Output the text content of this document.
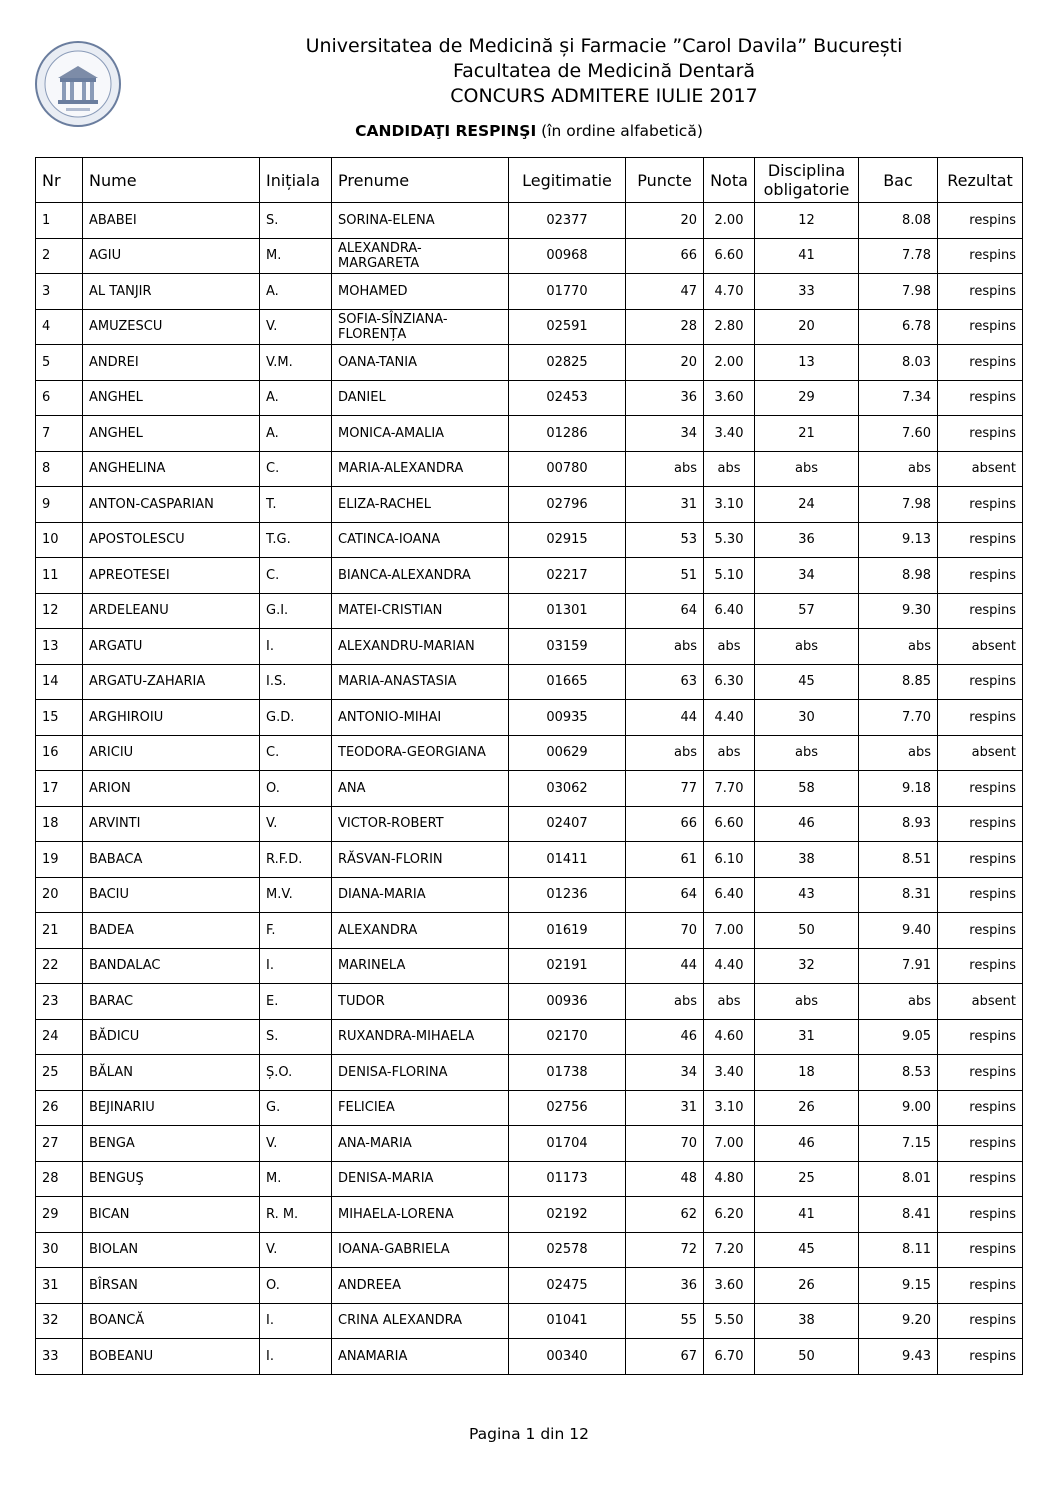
Universitatea de Medicină și Farmacie ”Carol Davila” București
Facultatea de Medicină Dentară
CONCURS ADMITERE IULIE 2017
CANDIDAŢI RESPINŞI (în ordine alfabetică)
Nr	Nume	Inițiala	Prenume	Legitimatie	Puncte	Nota	Disciplina obligatorie	Bac	Rezultat
1	ABABEI	S.	SORINA-ELENA	02377	20	2.00	12	8.08	respins
2	AGIU	M.	ALEXANDRA-MARGARETA	00968	66	6.60	41	7.78	respins
3	AL TANJIR	A.	MOHAMED	01770	47	4.70	33	7.98	respins
4	AMUZESCU	V.	SOFIA-SÎNZIANA-FLORENȚA	02591	28	2.80	20	6.78	respins
5	ANDREI	V.M.	OANA-TANIA	02825	20	2.00	13	8.03	respins
6	ANGHEL	A.	DANIEL	02453	36	3.60	29	7.34	respins
7	ANGHEL	A.	MONICA-AMALIA	01286	34	3.40	21	7.60	respins
8	ANGHELINA	C.	MARIA-ALEXANDRA	00780	abs	abs	abs	abs	absent
9	ANTON-CASPARIAN	T.	ELIZA-RACHEL	02796	31	3.10	24	7.98	respins
10	APOSTOLESCU	T.G.	CATINCA-IOANA	02915	53	5.30	36	9.13	respins
11	APREOTESEI	C.	BIANCA-ALEXANDRA	02217	51	5.10	34	8.98	respins
12	ARDELEANU	G.I.	MATEI-CRISTIAN	01301	64	6.40	57	9.30	respins
13	ARGATU	I.	ALEXANDRU-MARIAN	03159	abs	abs	abs	abs	absent
14	ARGATU-ZAHARIA	I.S.	MARIA-ANASTASIA	01665	63	6.30	45	8.85	respins
15	ARGHIROIU	G.D.	ANTONIO-MIHAI	00935	44	4.40	30	7.70	respins
16	ARICIU	C.	TEODORA-GEORGIANA	00629	abs	abs	abs	abs	absent
17	ARION	O.	ANA	03062	77	7.70	58	9.18	respins
18	ARVINTI	V.	VICTOR-ROBERT	02407	66	6.60	46	8.93	respins
19	BABACA	R.F.D.	RĂSVAN-FLORIN	01411	61	6.10	38	8.51	respins
20	BACIU	M.V.	DIANA-MARIA	01236	64	6.40	43	8.31	respins
21	BADEA	F.	ALEXANDRA	01619	70	7.00	50	9.40	respins
22	BANDALAC	I.	MARINELA	02191	44	4.40	32	7.91	respins
23	BARAC	E.	TUDOR	00936	abs	abs	abs	abs	absent
24	BĂDICU	S.	RUXANDRA-MIHAELA	02170	46	4.60	31	9.05	respins
25	BĂLAN	Ș.O.	DENISA-FLORINA	01738	34	3.40	18	8.53	respins
26	BEJINARIU	G.	FELICIEA	02756	31	3.10	26	9.00	respins
27	BENGA	V.	ANA-MARIA	01704	70	7.00	46	7.15	respins
28	BENGUŞ	M.	DENISA-MARIA	01173	48	4.80	25	8.01	respins
29	BICAN	R. M.	MIHAELA-LORENA	02192	62	6.20	41	8.41	respins
30	BIOLAN	V.	IOANA-GABRIELA	02578	72	7.20	45	8.11	respins
31	BÎRSAN	O.	ANDREEA	02475	36	3.60	26	9.15	respins
32	BOANCĂ	I.	CRINA ALEXANDRA	01041	55	5.50	38	9.20	respins
33	BOBEANU	I.	ANAMARIA	00340	67	6.70	50	9.43	respins
Pagina 1 din 12
